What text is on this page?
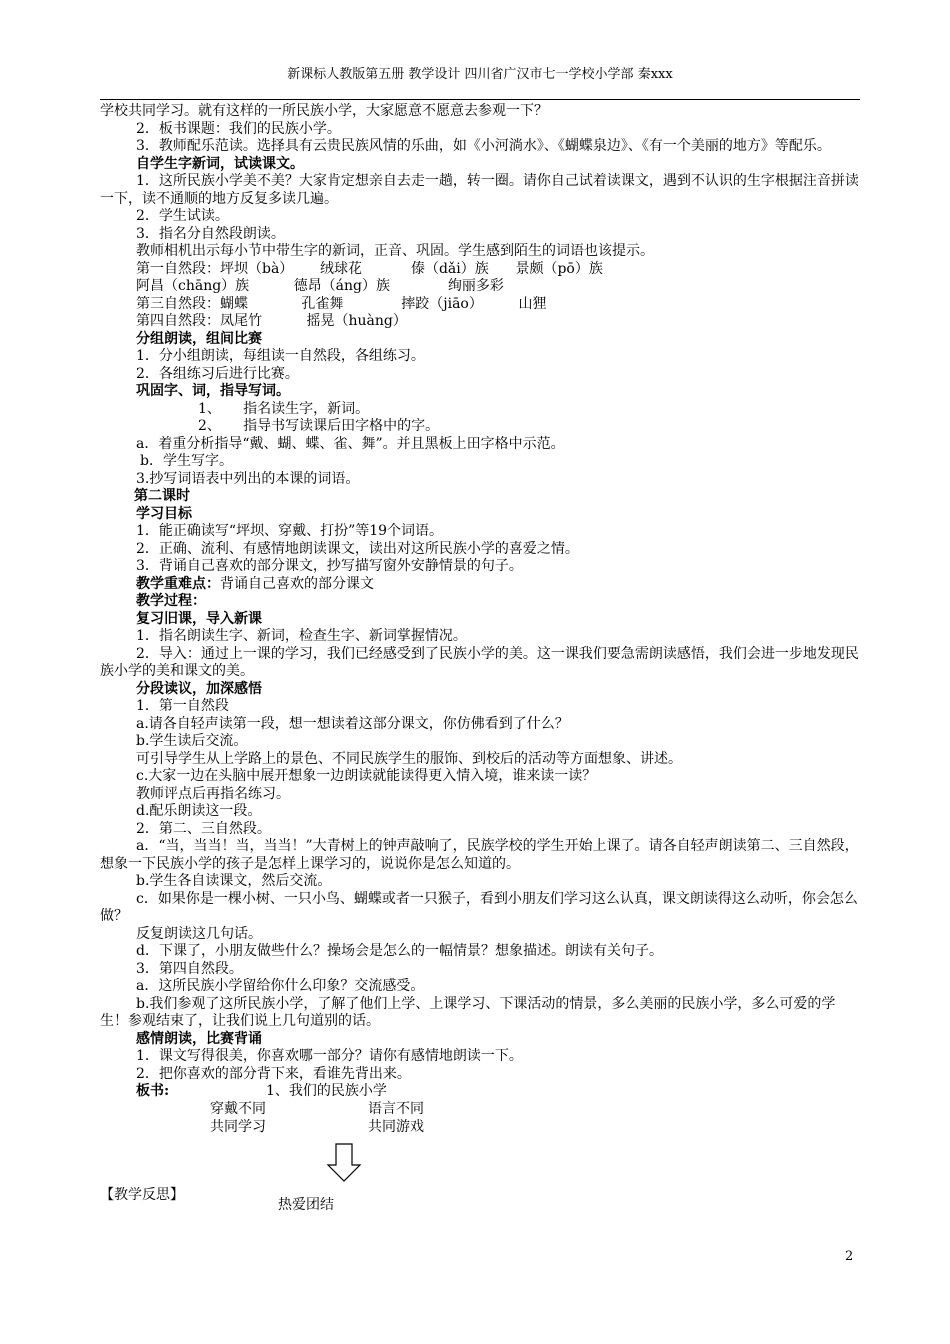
新课标人教版第五册 教学设计 四川省广汉市七一学校小学部 秦xxx

学校共同学习。就有这样的一所民族小学，大家愿意不愿意去参观一下？

2．板书课题：我们的民族小学。

3．教师配乐范读。选择具有云贵民族风情的乐曲，如《小河淌水》、《蝴蝶泉边》、《有一个美丽的地方》等配乐。

自学生字新词，试读课文。

1．这所民族小学美不美？大家肯定想亲自去走一趟，转一圈。请你自己试着读课文，遇到不认识的生字根据注音拼读一下，读不通顺的地方反复多读几遍。

2．学生试读。

3．指名分自然段朗读。

教师相机出示每小节中带生字的新词，正音、巩固。学生感到陌生的词语也该提示。

第一自然段：坪坝（bà）      绒球花           傣（dǎi）族      景颇（pō）族

阿昌（chāng）族          德昂（áng）族             绚丽多彩

第三自然段：蝴蝶            孔雀舞             摔跤（jiāo）        山狸

第四自然段：凤尾竹          摇晃（huàng）

分组朗读，组间比赛

1．分小组朗读，每组读一自然段，各组练习。

2．各组练习后进行比赛。

巩固字、词，指导写词。

1、     指名读生字，新词。

2、     指导书写读课后田字格中的字。

a．着重分析指导“戴、蝴、蝶、雀、舞”。并且黑板上田字格中示范。

b．学生写字。

3.抄写词语表中列出的本课的词语。

第二课时

学习目标

1．能正确读写“坪坝、穿戴、打扮”等19个词语。

2．正确、流利、有感情地朗读课文，读出对这所民族小学的喜爱之情。

3．背诵自己喜欢的部分课文，抄写描写窗外安静情景的句子。

教学重难点：背诵自己喜欢的部分课文

教学过程：

复习旧课，导入新课

1．指名朗读生字、新词，检查生字、新词掌握情况。

2．导入：通过上一课的学习，我们已经感受到了民族小学的美。这一课我们要急需朗读感悟，我们会进一步地发现民族小学的美和课文的美。

分段读议，加深感悟

1．第一自然段

a.请各自轻声读第一段，想一想读着这部分课文，你仿佛看到了什么？

b.学生读后交流。

可引导学生从上学路上的景色、不同民族学生的服饰、到校后的活动等方面想象、讲述。

c.大家一边在头脑中展开想象一边朗读就能读得更入情入境，谁来读一读？

教师评点后再指名练习。

d.配乐朗读这一段。

2．第二、三自然段。

a．“当，当当！当，当当！”大青树上的钟声敲响了，民族学校的学生开始上课了。请各自轻声朗读第二、三自然段，想象一下民族小学的孩子是怎样上课学习的，说说你是怎么知道的。

b.学生各自读课文，然后交流。

c．如果你是一棵小树、一只小鸟、蝴蝶或者一只猴子，看到小朋友们学习这么认真，课文朗读得这么动听，你会怎么做？

反复朗读这几句话。

d．下课了，小朋友做些什么？操场会是怎么的一幅情景？想象描述。朗读有关句子。

3．第四自然段。

a．这所民族小学留给你什么印象？交流感受。

b.我们参观了这所民族小学，了解了他们上学、上课学习、下课活动的情景，多么美丽的民族小学，多么可爱的学生！参观结束了，让我们说上几句道别的话。

感情朗读，比赛背诵

1．课文写得很美，你喜欢哪一部分？请你有感情地朗读一下。

2．把你喜欢的部分背下来，看谁先背出来。

板书:	1、我们的民族小学
穿戴不同	语言不同
共同学习	共同游戏
热爱团结
【教学反思】
2
